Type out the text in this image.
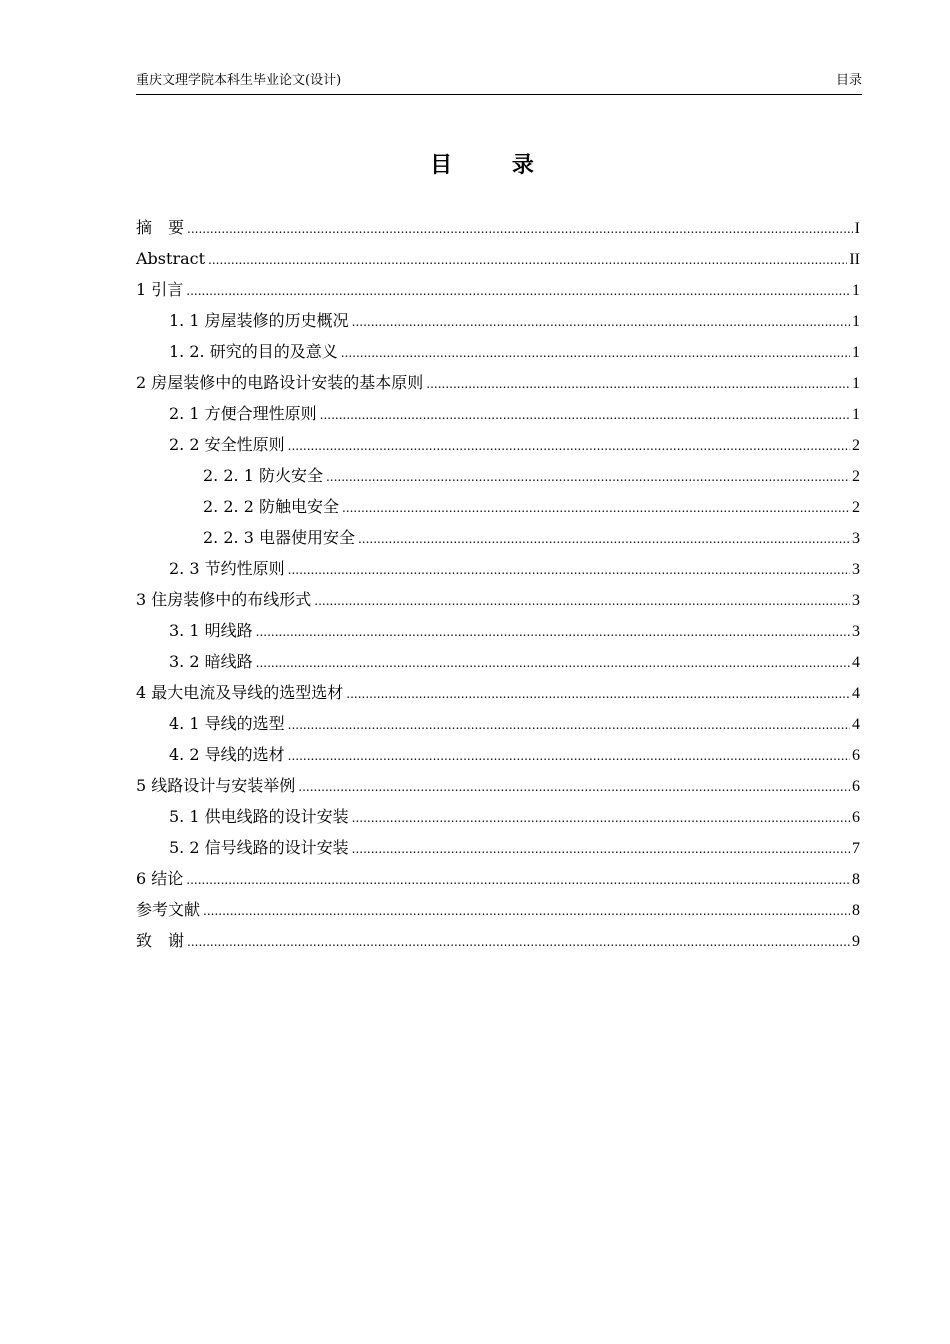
重庆文理学院本科生毕业论文(设计)	目录
目 录
摘　要 .....	I
Abstract .....	II
1 引言 .....	1
1. 1 房屋装修的历史概况 .....	1
1. 2. 研究的目的及意义 .....	1
2 房屋装修中的电路设计安装的基本原则 .....	1
2. 1 方便合理性原则 .....	1
2. 2 安全性原则 .....	2
2. 2. 1 防火安全 .....	2
2. 2. 2 防触电安全 .....	2
2. 2. 3 电器使用安全 .....	3
2. 3 节约性原则 .....	3
3 住房装修中的布线形式 .....	3
3. 1 明线路 .....	3
3. 2 暗线路 .....	4
4 最大电流及导线的选型选材 .....	4
4. 1 导线的选型 .....	4
4. 2 导线的选材 .....	6
5 线路设计与安装举例 .....	6
5. 1 供电线路的设计安装 .....	6
5. 2 信号线路的设计安装 .....	7
6 结论 .....	8
参考文献 .....	8
致　谢 .....	9
